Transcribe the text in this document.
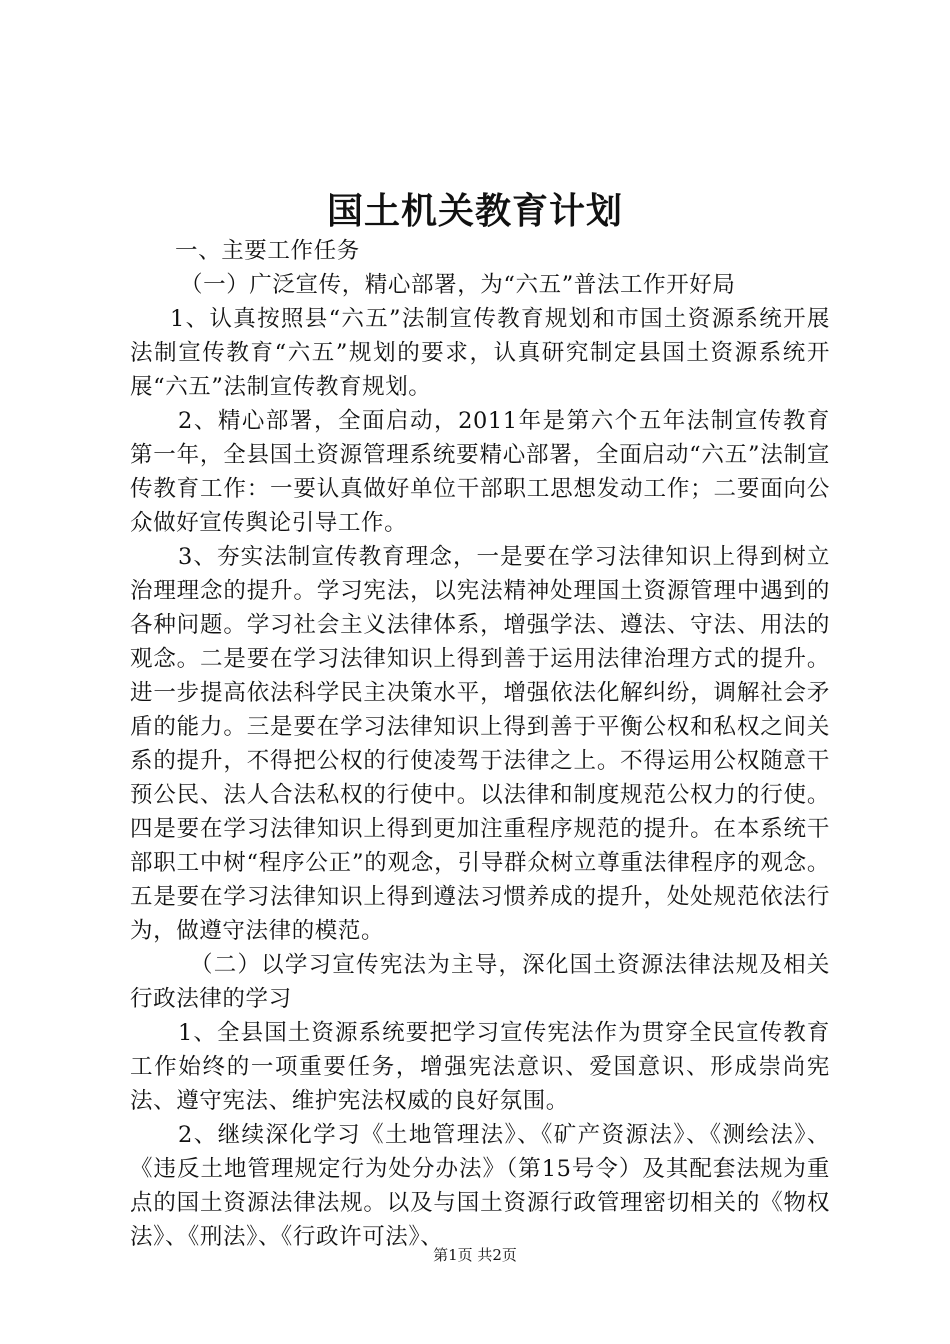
国土机关教育计划

一、主要工作任务

（一）广泛宣传，精心部署，为“六五”普法工作开好局

1、认真按照县“六五”法制宣传教育规划和市国土资源系统开展法制宣传教育“六五”规划的要求，认真研究制定县国土资源系统开展“六五”法制宣传教育规划。

2、精心部署，全面启动，2011年是第六个五年法制宣传教育第一年，全县国土资源管理系统要精心部署，全面启动“六五”法制宣传教育工作：一要认真做好单位干部职工思想发动工作；二要面向公众做好宣传舆论引导工作。

3、夯实法制宣传教育理念，一是要在学习法律知识上得到树立治理理念的提升。学习宪法，以宪法精神处理国土资源管理中遇到的各种问题。学习社会主义法律体系，增强学法、遵法、守法、用法的观念。二是要在学习法律知识上得到善于运用法律治理方式的提升。进一步提高依法科学民主决策水平，增强依法化解纠纷，调解社会矛盾的能力。三是要在学习法律知识上得到善于平衡公权和私权之间关系的提升，不得把公权的行使凌驾于法律之上。不得运用公权随意干预公民、法人合法私权的行使中。以法律和制度规范公权力的行使。四是要在学习法律知识上得到更加注重程序规范的提升。在本系统干部职工中树“程序公正”的观念，引导群众树立尊重法律程序的观念。五是要在学习法律知识上得到遵法习惯养成的提升，处处规范依法行为，做遵守法律的模范。

（二）以学习宣传宪法为主导，深化国土资源法律法规及相关行政法律的学习

1、全县国土资源系统要把学习宣传宪法作为贯穿全民宣传教育工作始终的一项重要任务，增强宪法意识、爱国意识、形成崇尚宪法、遵守宪法、维护宪法权威的良好氛围。

2、继续深化学习《土地管理法》、《矿产资源法》、《测绘法》、《违反土地管理规定行为处分办法》（第15号令）及其配套法规为重点的国土资源法律法规。以及与国土资源行政管理密切相关的《物权法》、《刑法》、《行政许可法》、

第1页 共2页
